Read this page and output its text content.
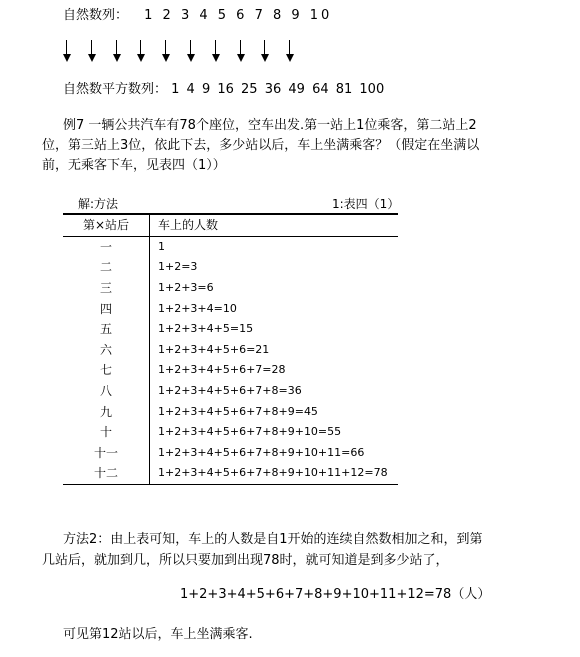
自然数列： 1 2 3 4 5 6 7 8 9 10
自然数平方数列： 1 4 9 16 25 36 49 64 81 100
例7 一辆公共汽车有78个座位，空车出发.第一站上1位乘客，第二站上2
位，第三站上3位，依此下去，多少站以后，车上坐满乘客？（假定在坐满以
前，无乘客下车，见表四（1））
解:方法	1:表四（1）
第×站后	车上的人数
一	1
二	1+2=3
三	1+2+3=6
四	1+2+3+4=10
五	1+2+3+4+5=15
六	1+2+3+4+5+6=21
七	1+2+3+4+5+6+7=28
八	1+2+3+4+5+6+7+8=36
九	1+2+3+4+5+6+7+8+9=45
十	1+2+3+4+5+6+7+8+9+10=55
十一	1+2+3+4+5+6+7+8+9+10+11=66
十二	1+2+3+4+5+6+7+8+9+10+11+12=78
方法2：由上表可知，车上的人数是自1开始的连续自然数相加之和，到第
几站后，就加到几，所以只要加到出现78时，就可知道是到多少站了，
1+2+3+4+5+6+7+8+9+10+11+12=78（人）
可见第12站以后，车上坐满乘客.
